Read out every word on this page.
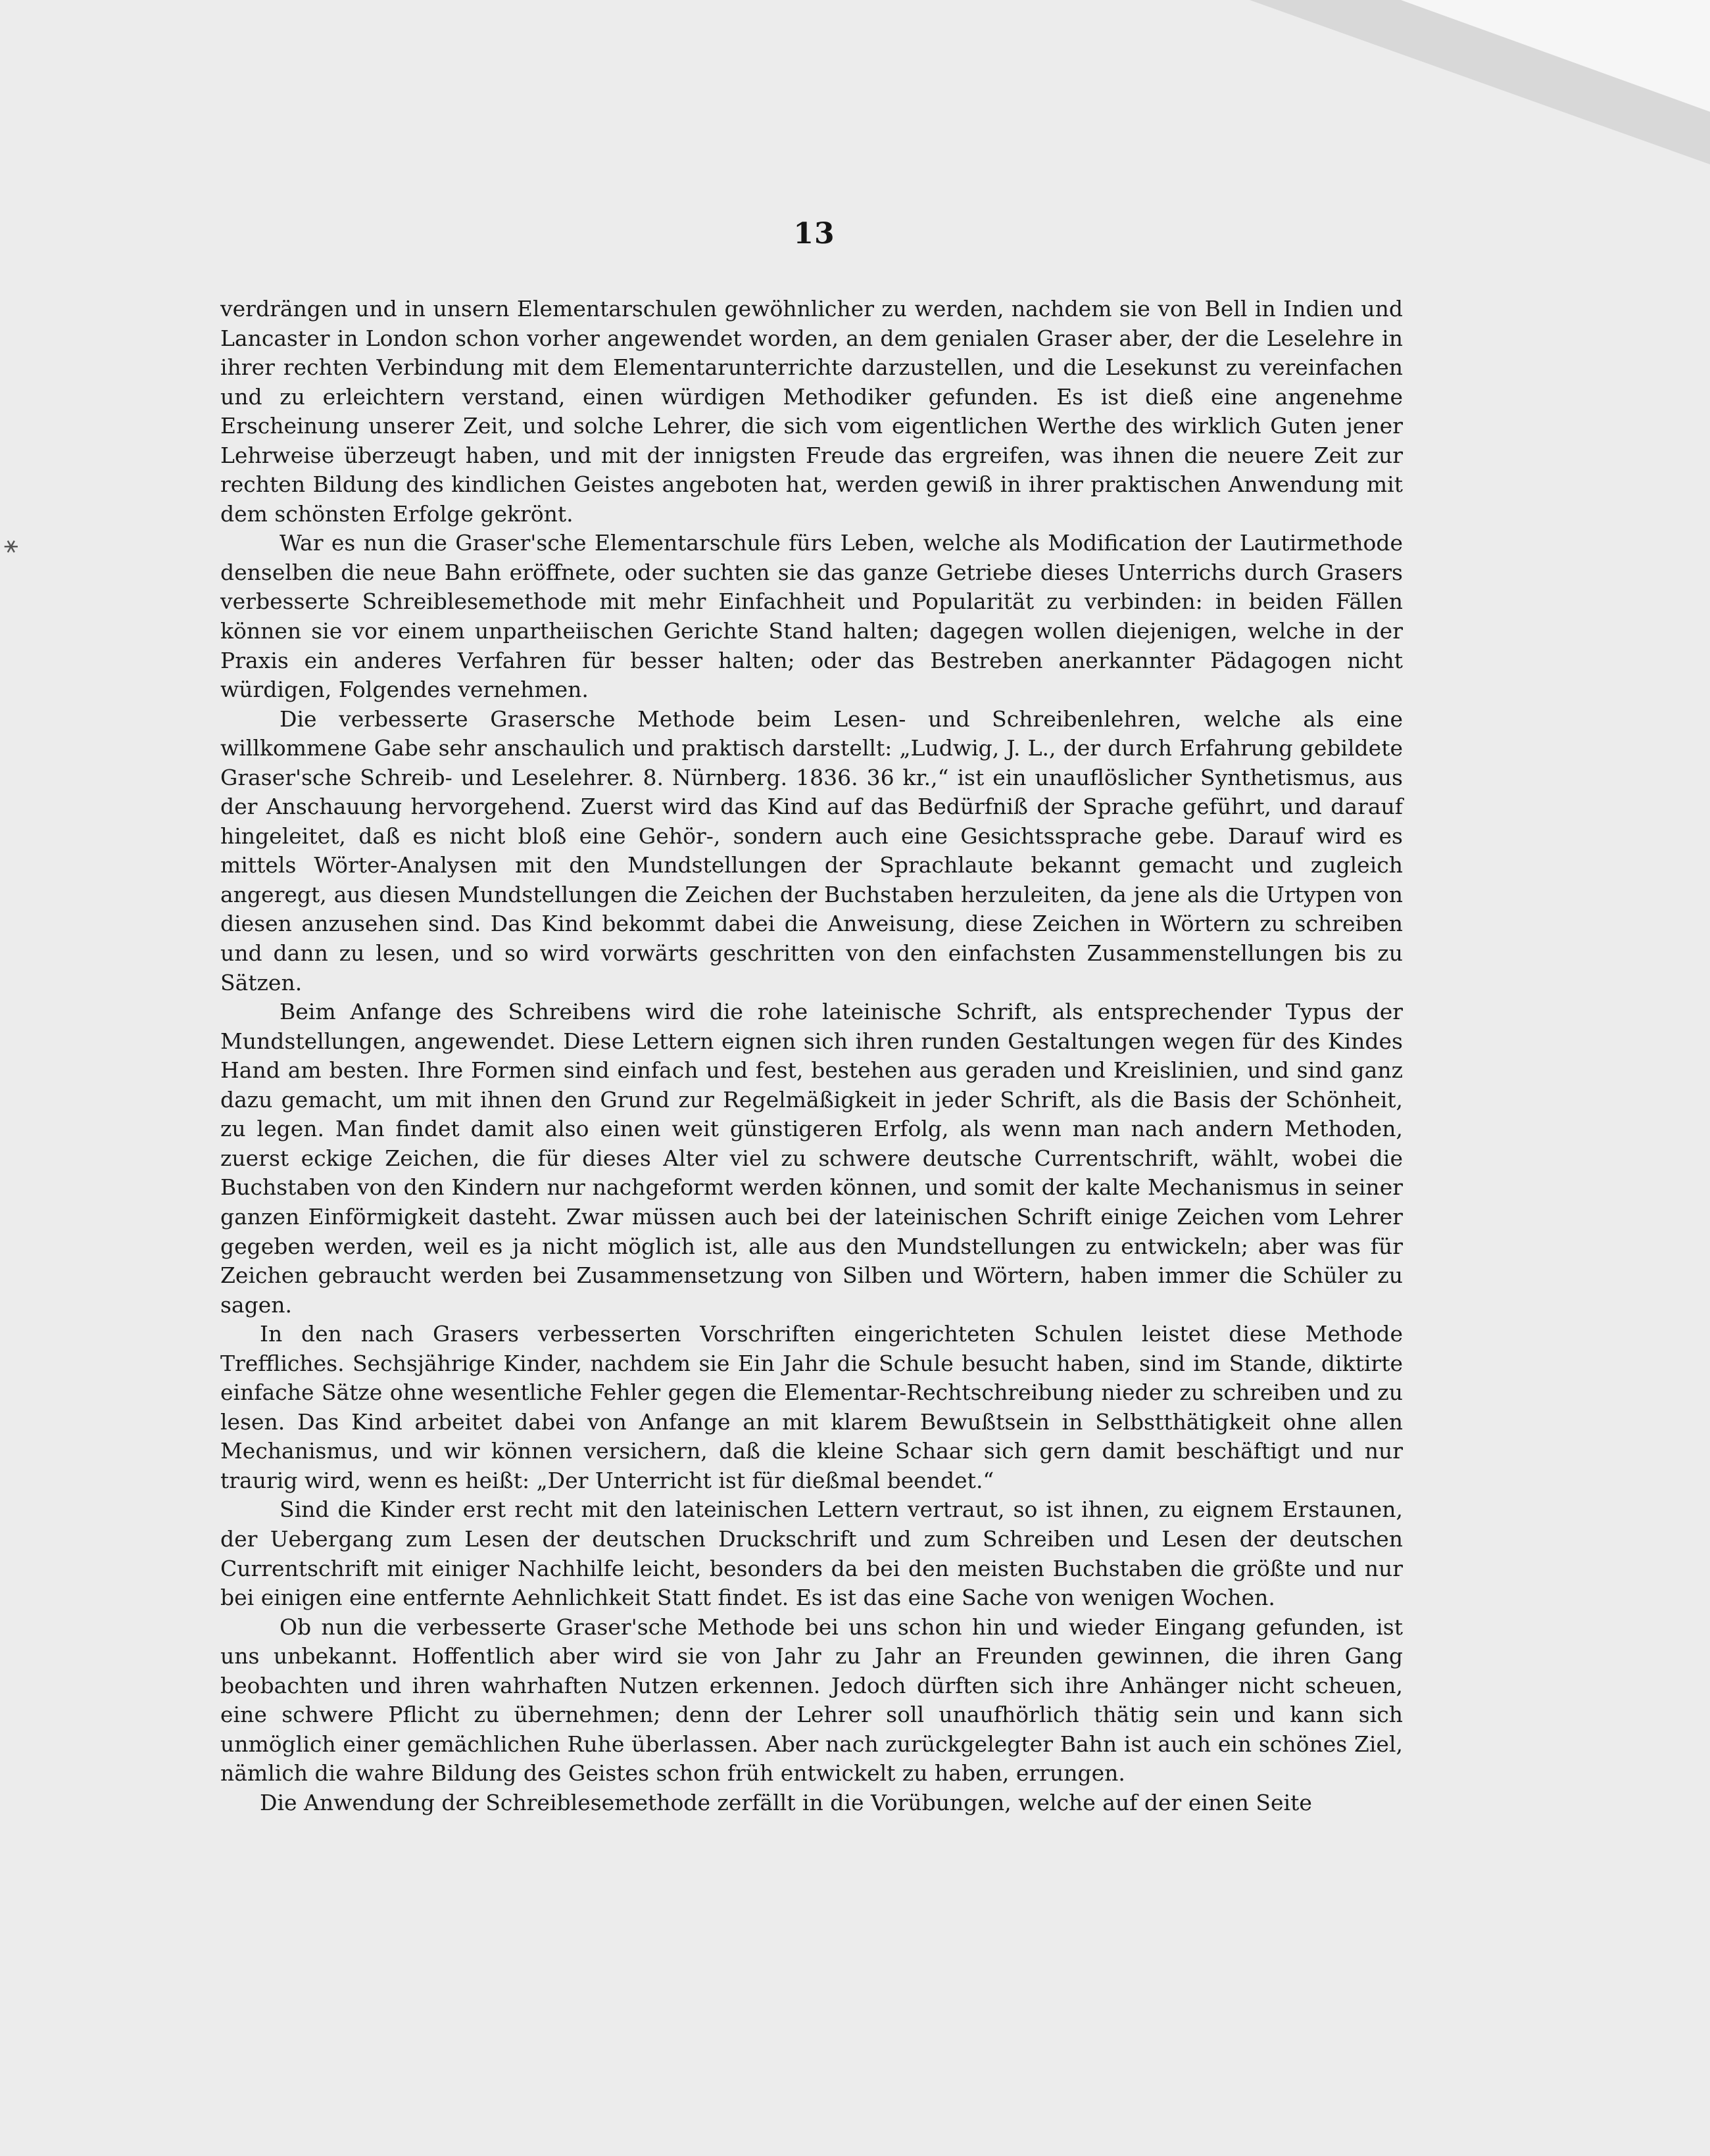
⚹
13

verdrängen und in unsern Elementarschulen gewöhnlicher zu werden, nachdem sie von Bell in Indien und Lancaster in London schon vorher angewendet worden, an dem genialen Graser aber, der die Leselehre in ihrer rechten Verbindung mit dem Elementarunterrichte darzustellen, und die Lesekunst zu vereinfachen und zu erleichtern verstand, einen würdigen Methodiker gefunden. Es ist dieß eine angenehme Erscheinung unserer Zeit, und solche Lehrer, die sich vom eigentlichen Werthe des wirklich Guten jener Lehrweise überzeugt haben, und mit der innigsten Freude das ergreifen, was ihnen die neuere Zeit zur rechten Bildung des kindlichen Geistes angeboten hat, werden gewiß in ihrer praktischen Anwendung mit dem schönsten Erfolge gekrönt.

War es nun die Graser'sche Elementarschule fürs Leben, welche als Modification der Lautirmethode denselben die neue Bahn eröffnete, oder suchten sie das ganze Getriebe dieses Unterrichs durch Grasers verbesserte Schreiblesemethode mit mehr Einfachheit und Popularität zu verbinden: in beiden Fällen können sie vor einem unpartheiischen Gerichte Stand halten; dagegen wollen diejenigen, welche in der Praxis ein anderes Verfahren für besser halten; oder das Bestreben anerkannter Pädagogen nicht würdigen, Folgendes vernehmen.

Die verbesserte Grasersche Methode beim Lesen- und Schreibenlehren, welche als eine willkommene Gabe sehr anschaulich und praktisch darstellt: „Ludwig, J. L., der durch Erfahrung gebildete Graser'sche Schreib- und Leselehrer. 8. Nürnberg. 1836. 36 kr.,“ ist ein unauflöslicher Synthetismus, aus der Anschauung hervorgehend. Zuerst wird das Kind auf das Bedürfniß der Sprache geführt, und darauf hingeleitet, daß es nicht bloß eine Gehör-, sondern auch eine Gesichtssprache gebe. Darauf wird es mittels Wörter-Analysen mit den Mundstellungen der Sprachlaute bekannt gemacht und zugleich angeregt, aus diesen Mundstellungen die Zeichen der Buchstaben herzuleiten, da jene als die Urtypen von diesen anzusehen sind. Das Kind bekommt dabei die Anweisung, diese Zeichen in Wörtern zu schreiben und dann zu lesen, und so wird vorwärts geschritten von den einfachsten Zusammenstellungen bis zu Sätzen.

Beim Anfange des Schreibens wird die rohe lateinische Schrift, als entsprechender Typus der Mundstellungen, angewendet. Diese Lettern eignen sich ihren runden Gestaltungen wegen für des Kindes Hand am besten. Ihre Formen sind einfach und fest, bestehen aus geraden und Kreislinien, und sind ganz dazu gemacht, um mit ihnen den Grund zur Regelmäßigkeit in jeder Schrift, als die Basis der Schönheit, zu legen. Man findet damit also einen weit günstigeren Erfolg, als wenn man nach andern Methoden, zuerst eckige Zeichen, die für dieses Alter viel zu schwere deutsche Currentschrift, wählt, wobei die Buchstaben von den Kindern nur nachgeformt werden können, und somit der kalte Mechanismus in seiner ganzen Einförmigkeit dasteht. Zwar müssen auch bei der lateinischen Schrift einige Zeichen vom Lehrer gegeben werden, weil es ja nicht möglich ist, alle aus den Mundstellungen zu entwickeln; aber was für Zeichen gebraucht werden bei Zusammensetzung von Silben und Wörtern, haben immer die Schüler zu sagen.

In den nach Grasers verbesserten Vorschriften eingerichteten Schulen leistet diese Methode Treffliches. Sechsjährige Kinder, nachdem sie Ein Jahr die Schule besucht haben, sind im Stande, diktirte einfache Sätze ohne wesentliche Fehler gegen die Elementar-Rechtschreibung nieder zu schreiben und zu lesen. Das Kind arbeitet dabei von Anfange an mit klarem Bewußtsein in Selbstthätigkeit ohne allen Mechanismus, und wir können versichern, daß die kleine Schaar sich gern damit beschäftigt und nur traurig wird, wenn es heißt: „Der Unterricht ist für dießmal beendet.“

Sind die Kinder erst recht mit den lateinischen Lettern vertraut, so ist ihnen, zu eignem Erstaunen, der Uebergang zum Lesen der deutschen Druckschrift und zum Schreiben und Lesen der deutschen Currentschrift mit einiger Nachhilfe leicht, besonders da bei den meisten Buchstaben die größte und nur bei einigen eine entfernte Aehnlichkeit Statt findet. Es ist das eine Sache von wenigen Wochen.

Ob nun die verbesserte Graser'sche Methode bei uns schon hin und wieder Eingang gefunden, ist uns unbekannt. Hoffentlich aber wird sie von Jahr zu Jahr an Freunden gewinnen, die ihren Gang beobachten und ihren wahrhaften Nutzen erkennen. Jedoch dürften sich ihre Anhänger nicht scheuen, eine schwere Pflicht zu übernehmen; denn der Lehrer soll unaufhörlich thätig sein und kann sich unmöglich einer gemächlichen Ruhe überlassen. Aber nach zurückgelegter Bahn ist auch ein schönes Ziel, nämlich die wahre Bildung des Geistes schon früh entwickelt zu haben, errungen.

Die Anwendung der Schreiblesemethode zerfällt in die Vorübungen, welche auf der einen Seite
